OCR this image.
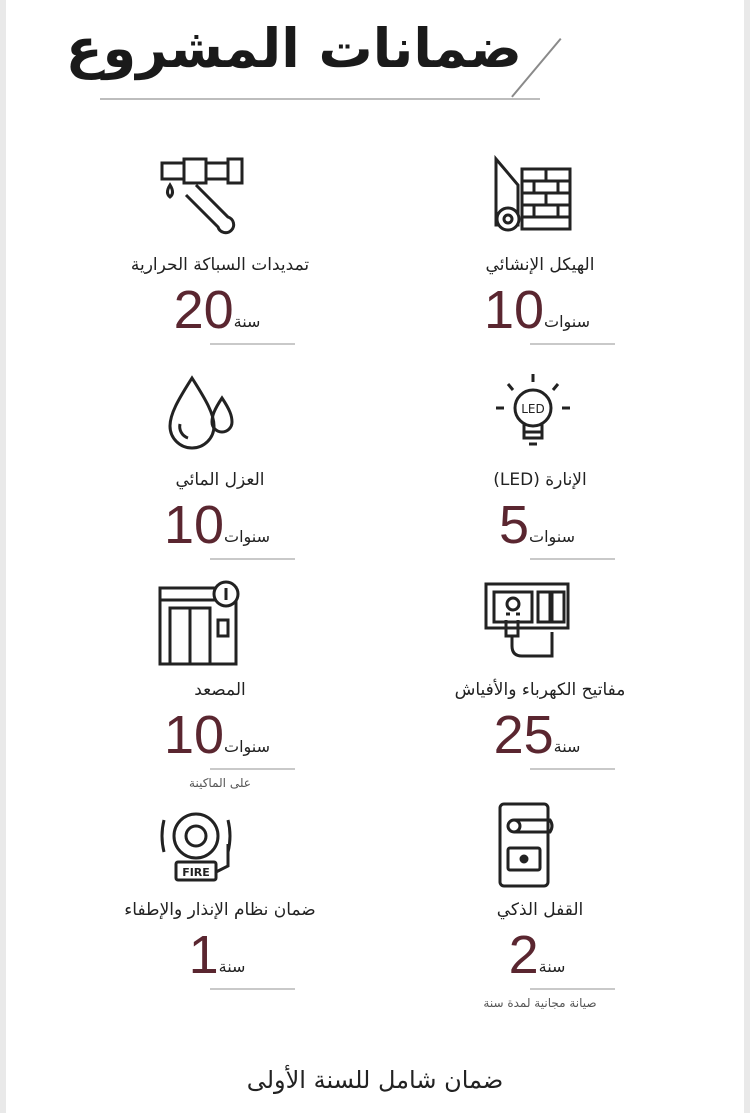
ضمانات المشروع
الهيكل الإنشائي
10 سنوات
تمديدات السباكة الحرارية
20 سنة
LED
الإنارة (LED)
5 سنوات
العزل المائي
10 سنوات
مفاتيح الكهرباء والأفياش
25 سنة
المصعد
10 سنوات
على الماكينة
القفل الذكي
2 سنة
صيانة مجانية لمدة سنة
FIRE
ضمان نظام الإنذار والإطفاء
1 سنة
ضمان شامل للسنة الأولى
